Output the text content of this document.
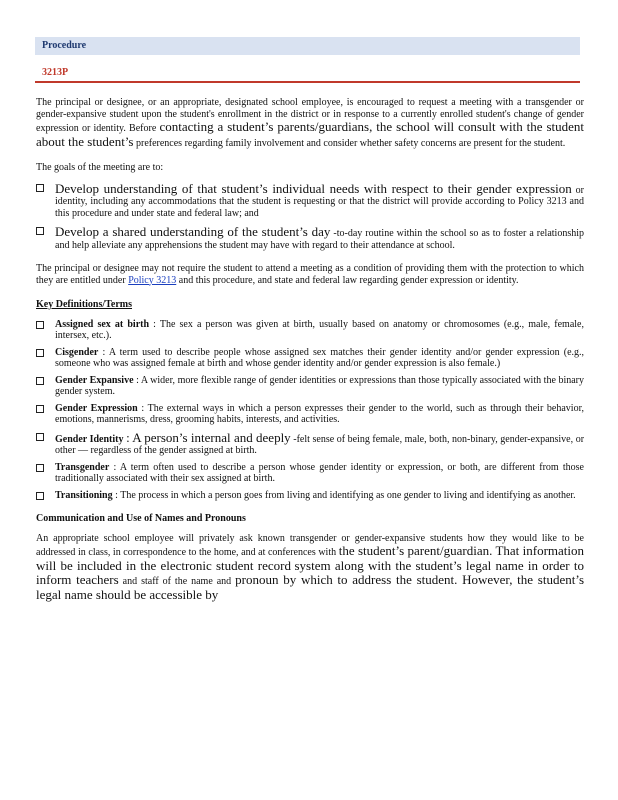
Procedure
3213P

The principal or designee, or an appropriate, designated school employee, is encouraged to request a meeting with a transgender or gender-expansive student upon the student's enrollment in the district or in response to a currently enrolled student's change of gender expression or identity. Before contacting a student’s parents/guardians, the school will consult with the student about the student’s preferences regarding family involvement and consider whether safety concerns are present for the student.

The goals of the meeting are to:

Develop understanding of that student’s individual needs with respect to their gender expression or identity, including any accommodations that the student is requesting or that the district will provide according to Policy 3213 and this procedure and under state and federal law; and
Develop a shared understanding of the student’s day -to-day routine within the school so as to foster a relationship and help alleviate any apprehensions the student may have with regard to their attendance at school.

The principal or designee may not require the student to attend a meeting as a condition of providing them with the protection to which they are entitled under Policy 3213 and this procedure, and state and federal law regarding gender expression or identity.

Key Definitions/Terms
Assigned sex at birth : The sex a person was given at birth, usually based on anatomy or chromosomes (e.g., male, female, intersex, etc.).
Cisgender : A term used to describe people whose assigned sex matches their gender identity and/or gender expression (e.g., someone who was assigned female at birth and whose gender identity and/or gender expression is also female.)
Gender Expansive : A wider, more flexible range of gender identities or expressions than those typically associated with the binary gender system.
Gender Expression : The external ways in which a person expresses their gender to the world, such as through their behavior, emotions, mannerisms, dress, grooming habits, interests, and activities.
Gender Identity : A person’s internal and deeply -felt sense of being female, male, both, non-binary, gender-expansive, or other — regardless of the gender assigned at birth.
Transgender : A term often used to describe a person whose gender identity or expression, or both, are different from those traditionally associated with their sex assigned at birth.
Transitioning : The process in which a person goes from living and identifying as one gender to living and identifying as another.
Communication and Use of Names and Pronouns

An appropriate school employee will privately ask known transgender or gender-expansive students how they would like to be addressed in class, in correspondence to the home, and at conferences with the student’s parent/guardian. That information will be included in the electronic student record system along with the student’s legal name in order to inform teachers and staff of the name and pronoun by which to address the student. However, the student’s legal name should be accessible by
